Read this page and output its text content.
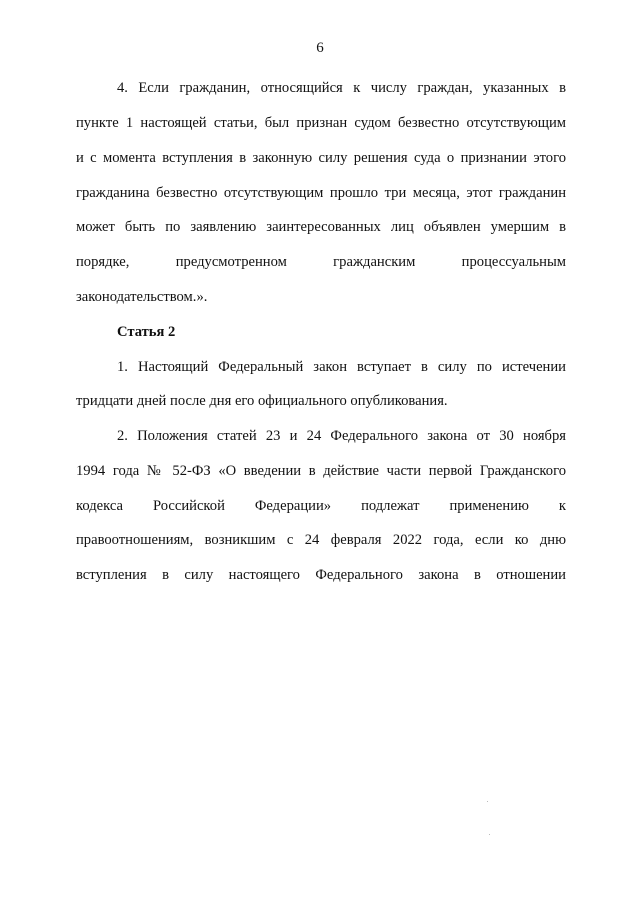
6
4. Если гражданин, относящийся к числу граждан, указанных в
пункте 1 настоящей статьи, был признан судом безвестно отсутствующим
и с момента вступления в законную силу решения суда о признании этого
гражданина безвестно отсутствующим прошло три месяца, этот гражданин
может быть по заявлению заинтересованных лиц объявлен умершим в
порядке, предусмотренном гражданским процессуальным
законодательством.».
Статья 2
1. Настоящий Федеральный закон вступает в силу по истечении
тридцати дней после дня его официального опубликования.
2. Положения статей 23 и 24 Федерального закона от 30 ноября
1994 года № 52-ФЗ «О введении в действие части первой Гражданского
кодекса Российской Федерации» подлежат применению к
правоотношениям, возникшим с 24 февраля 2022 года, если ко дню
вступления в силу настоящего Федерального закона в отношении
